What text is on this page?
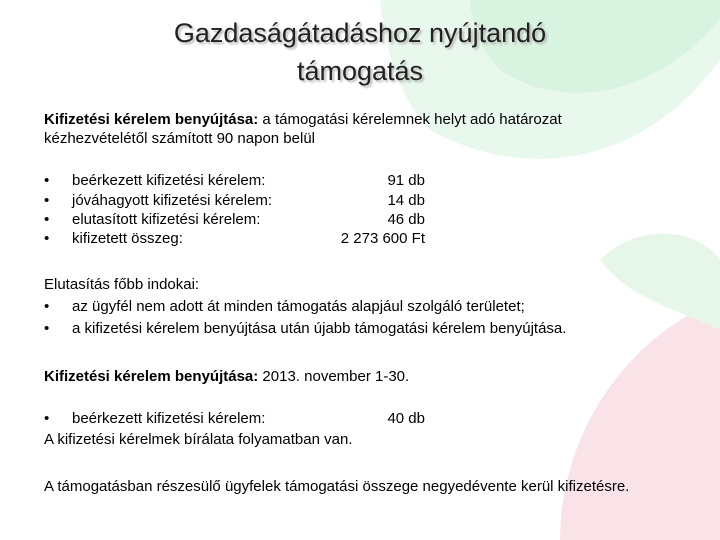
Gazdaságátadáshoz nyújtandó
támogatás
Kifizetési kérelem benyújtása: a támogatási kérelemnek helyt adó határozat
kézhezvételétől számított 90 napon belül
• beérkezett kifizetési kérelem:	91 db
• jóváhagyott kifizetési kérelem:	14 db
• elutasított kifizetési kérelem:	46 db
• kifizetett összeg:	2 273 600 Ft
Elutasítás főbb indokai:
• az ügyfél nem adott át minden támogatás alapjául szolgáló területet;
• a kifizetési kérelem benyújtása után újabb támogatási kérelem benyújtása.
Kifizetési kérelem benyújtása: 2013. november 1-30.
• beérkezett kifizetési kérelem:	40 db
A kifizetési kérelmek bírálata folyamatban van.
A támogatásban részesülő ügyfelek támogatási összege negyedévente kerül kifizetésre.
